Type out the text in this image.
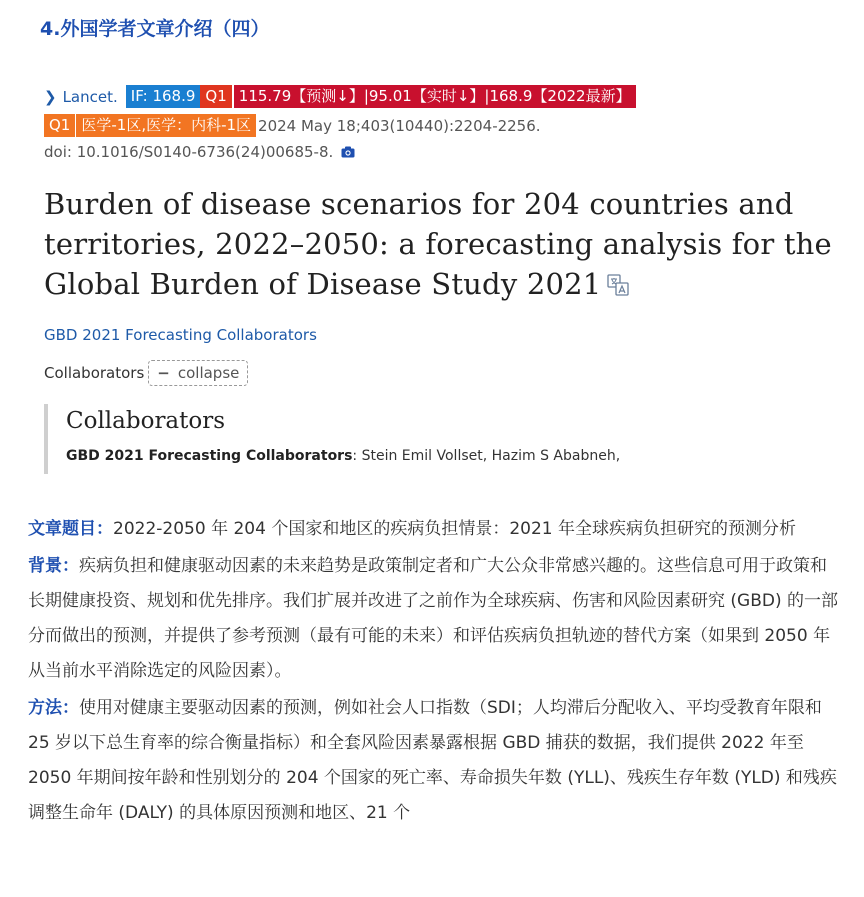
4.外国学者文章介绍（四）
❯ Lancet. IF: 168.9 Q1 115.79【预测↓】|95.01【实时↓】|168.9【2022最新】
Q1 医学-1区,医学：内科-1区 2024 May 18;403(10440):2204-2256.
doi: 10.1016/S0140-6736(24)00685-8.
Burden of disease scenarios for 204 countries and territories, 2022–2050: a forecasting analysis for the Global Burden of Disease Study 2021
GBD 2021 Forecasting Collaborators
Collaborators − collapse
Collaborators
GBD 2021 Forecasting Collaborators: Stein Emil Vollset, Hazim S Ababneh,

文章题目：2022-2050 年 204 个国家和地区的疾病负担情景：2021 年全球疾病负担研究的预测分析

背景：疾病负担和健康驱动因素的未来趋势是政策制定者和广大公众非常感兴趣的。这些信息可用于政策和长期健康投资、规划和优先排序。我们扩展并改进了之前作为全球疾病、伤害和风险因素研究 (GBD) 的一部分而做出的预测，并提供了参考预测（最有可能的未来）和评估疾病负担轨迹的替代方案（如果到 2050 年从当前水平消除选定的风险因素）。

方法：使用对健康主要驱动因素的预测，例如社会人口指数（SDI；人均滞后分配收入、平均受教育年限和 25 岁以下总生育率的综合衡量指标）和全套风险因素暴露根据 GBD 捕获的数据，我们提供 2022 年至 2050 年期间按年龄和性别划分的 204 个国家的死亡率、寿命损失年数 (YLL)、残疾生存年数 (YLD) 和残疾调整生命年 (DALY) 的具体原因预测和地区、21 个
